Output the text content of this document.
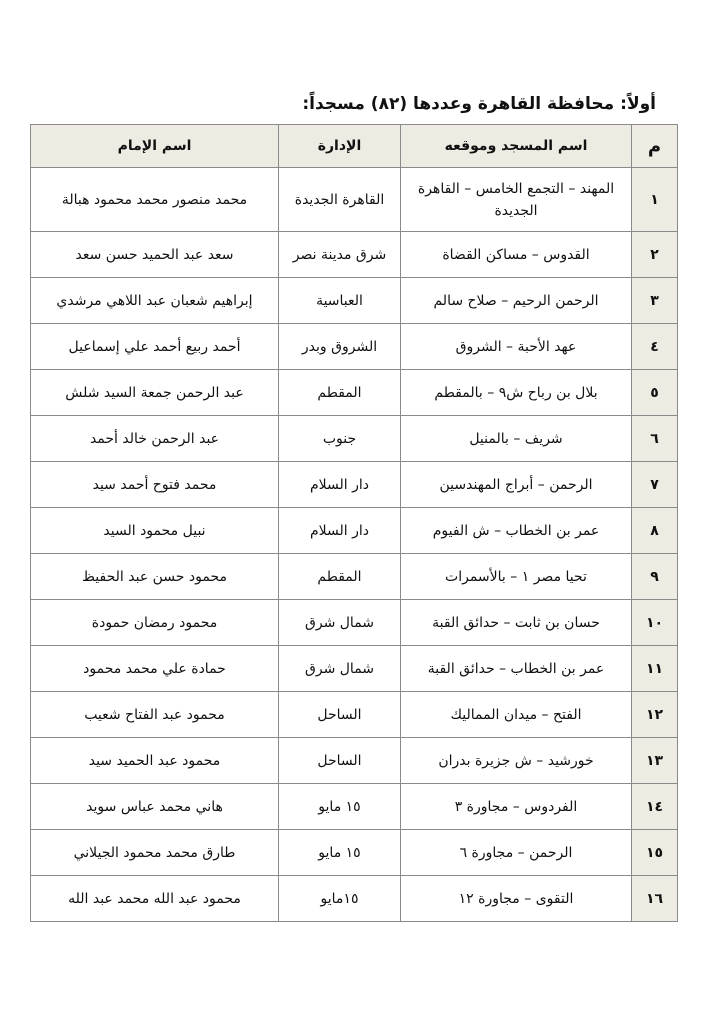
أولاً:محافظة القاهرة وعددها (٨٢) مسجداً:
م	اسم المسجد وموقعه	الإدارة	اسم الإمام
١	المهند – التجمع الخامس – القاهرة الجديدة	القاهرة الجديدة	محمد منصور محمد محمود هبالة
٢	القدوس – مساكن القضاة	شرق مدينة نصر	سعد عبد الحميد حسن سعد
٣	الرحمن الرحيم – صلاح سالم	العباسية	إبراهيم شعبان عبد اللاهي مرشدي
٤	عهد الأحبة – الشروق	الشروق وبدر	أحمد ربيع أحمد علي إسماعيل
٥	بلال بن رباح ش٩ – بالمقطم	المقطم	عبد الرحمن جمعة السيد شلش
٦	شريف – بالمنيل	جنوب	عبد الرحمن خالد أحمد
٧	الرحمن – أبراج المهندسين	دار السلام	محمد فتوح أحمد سيد
٨	عمر بن الخطاب – ش الفيوم	دار السلام	نبيل محمود السيد
٩	تحيا مصر ١ – بالأسمرات	المقطم	محمود حسن عبد الحفيظ
١٠	حسان بن ثابت – حدائق القبة	شمال شرق	محمود رمضان حمودة
١١	عمر بن الخطاب – حدائق القبة	شمال شرق	حمادة علي محمد محمود
١٢	الفتح – ميدان المماليك	الساحل	محمود عبد الفتاح شعيب
١٣	خورشيد – ش جزيرة بدران	الساحل	محمود عبد الحميد سيد
١٤	الفردوس – مجاورة ٣	١٥ مايو	هاني محمد عباس سويد
١٥	الرحمن – مجاورة ٦	١٥ مايو	طارق محمد محمود الجيلاني
١٦	التقوى – مجاورة ١٢	١٥مايو	محمود عبد الله محمد عبد الله
